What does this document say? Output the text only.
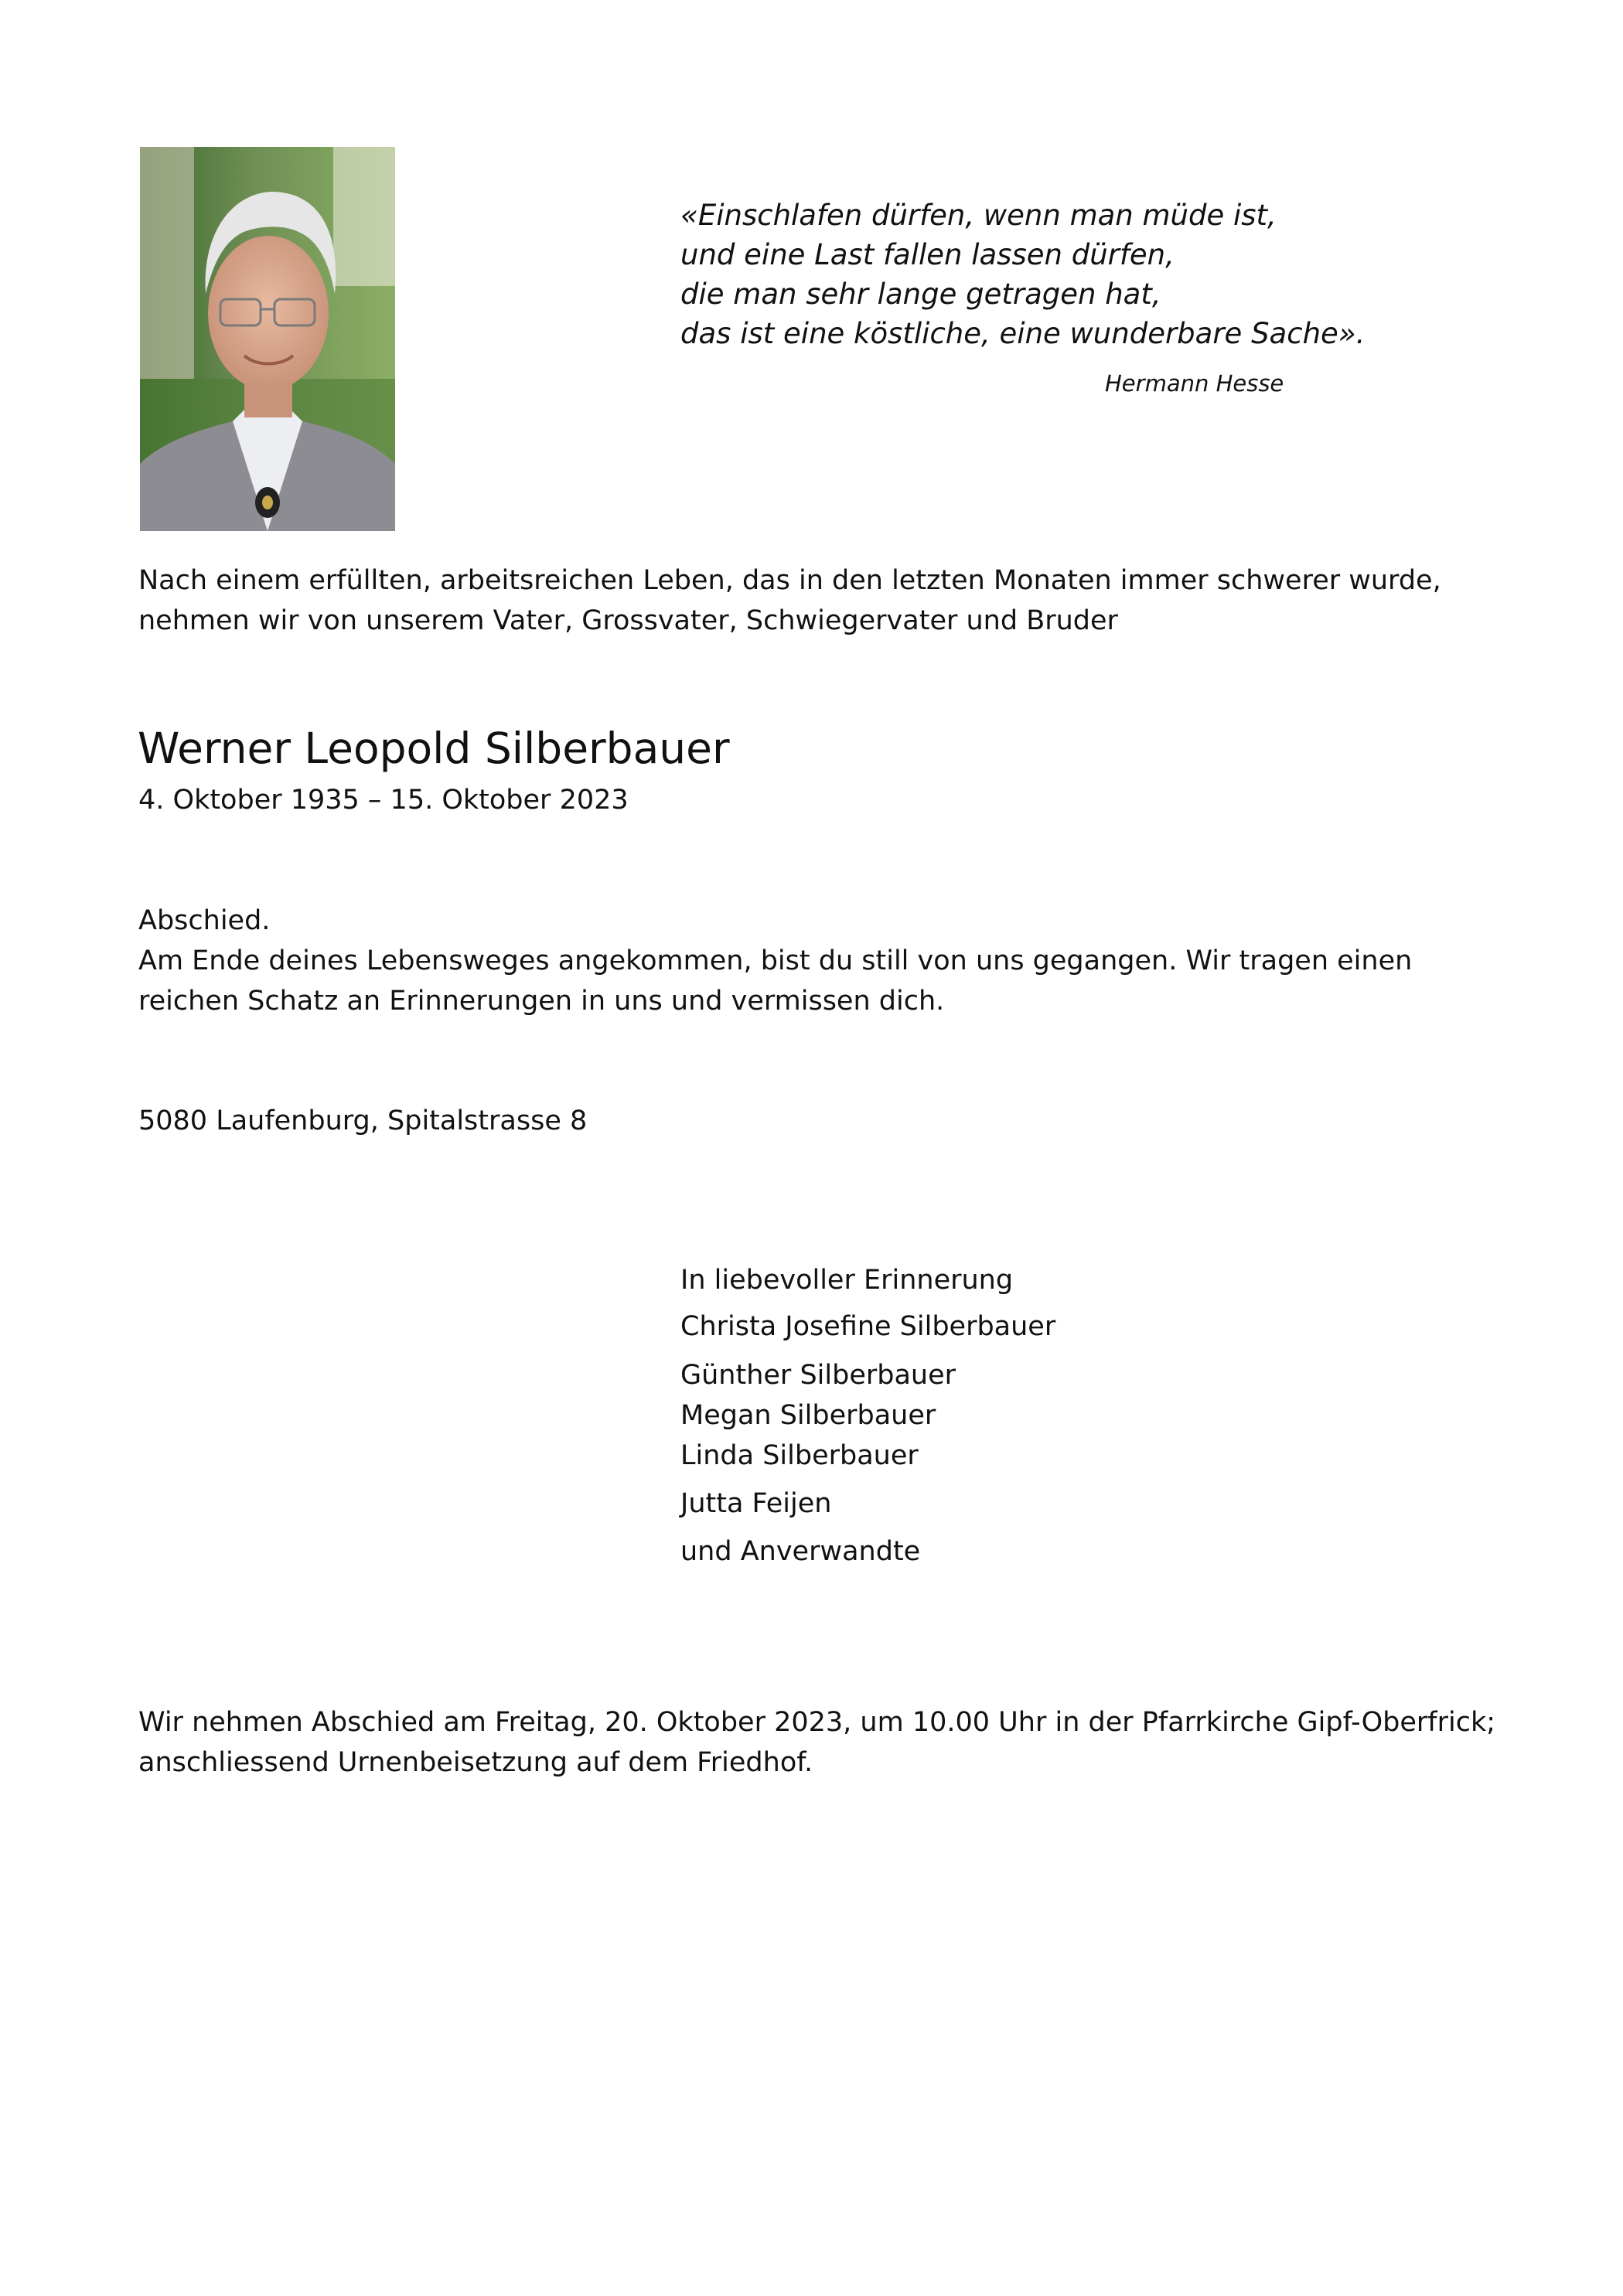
«Einschlafen dürfen, wenn man müde ist,
und eine Last fallen lassen dürfen,
die man sehr lange getragen hat,
das ist eine köstliche, eine wunderbare Sache».
Hermann Hesse
Nach einem erfüllten, arbeitsreichen Leben, das in den letzten Monaten immer schwerer wurde,
nehmen wir von unserem Vater, Grossvater, Schwiegervater und Bruder
Werner Leopold Silberbauer
4. Oktober 1935 – 15. Oktober 2023
Abschied.
Am Ende deines Lebensweges angekommen, bist du still von uns gegangen. Wir tragen einen
reichen Schatz an Erinnerungen in uns und vermissen dich.
5080 Laufenburg, Spitalstrasse 8
In liebevoller Erinnerung
Christa Josefine Silberbauer
Günther Silberbauer
Megan Silberbauer
Linda Silberbauer
Jutta Feijen
und Anverwandte
Wir nehmen Abschied am Freitag, 20. Oktober 2023, um 10.00 Uhr in der Pfarrkirche Gipf-Oberfrick;
anschliessend Urnenbeisetzung auf dem Friedhof.
